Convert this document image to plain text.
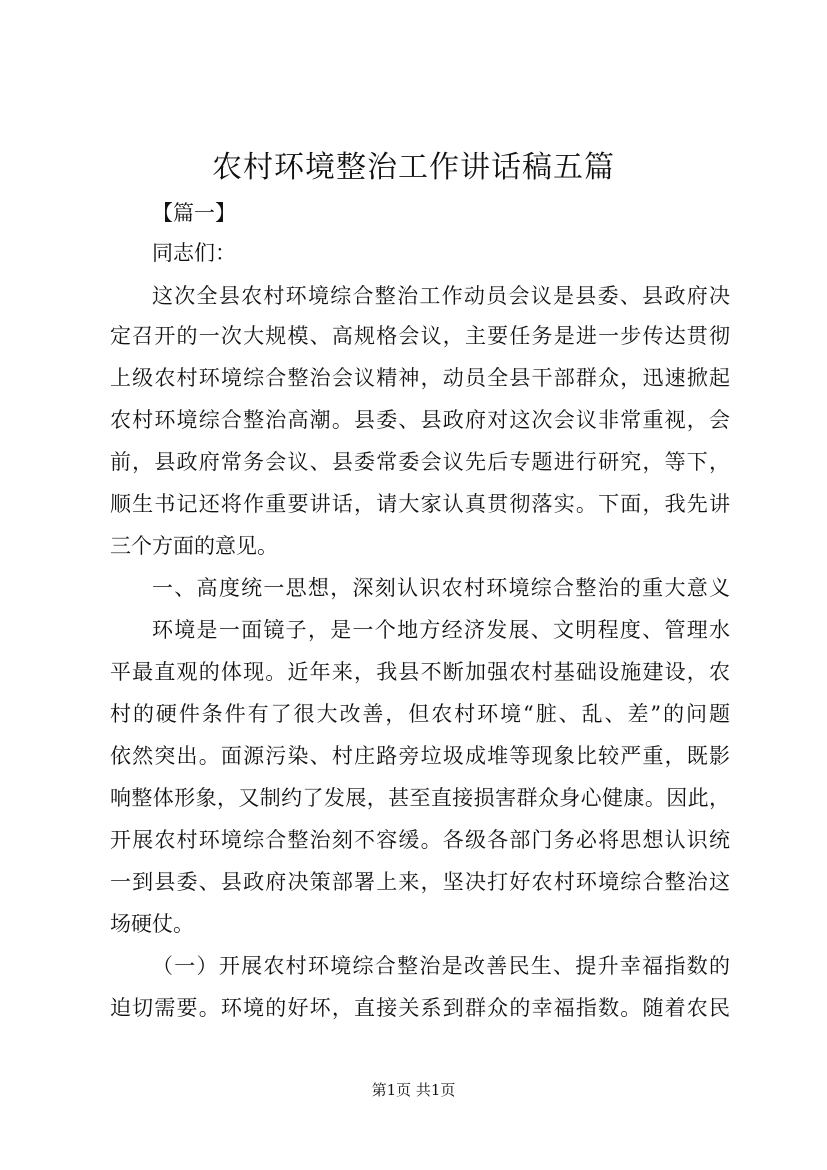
农村环境整治工作讲话稿五篇
【篇一】
同志们：
这次全县农村环境综合整治工作动员会议是县委、县政府决
定召开的一次大规模、高规格会议，主要任务是进一步传达贯彻
上级农村环境综合整治会议精神，动员全县干部群众，迅速掀起
农村环境综合整治高潮。县委、县政府对这次会议非常重视，会
前，县政府常务会议、县委常委会议先后专题进行研究，等下，
顺生书记还将作重要讲话，请大家认真贯彻落实。下面，我先讲
三个方面的意见。
一、高度统一思想，深刻认识农村环境综合整治的重大意义
环境是一面镜子，是一个地方经济发展、文明程度、管理水
平最直观的体现。近年来，我县不断加强农村基础设施建设，农
村的硬件条件有了很大改善，但农村环境“脏、乱、差”的问题
依然突出。面源污染、村庄路旁垃圾成堆等现象比较严重，既影
响整体形象，又制约了发展，甚至直接损害群众身心健康。因此，
开展农村环境综合整治刻不容缓。各级各部门务必将思想认识统
一到县委、县政府决策部署上来，坚决打好农村环境综合整治这
场硬仗。
（一）开展农村环境综合整治是改善民生、提升幸福指数的
迫切需要。环境的好坏，直接关系到群众的幸福指数。随着农民
第1页 共1页
